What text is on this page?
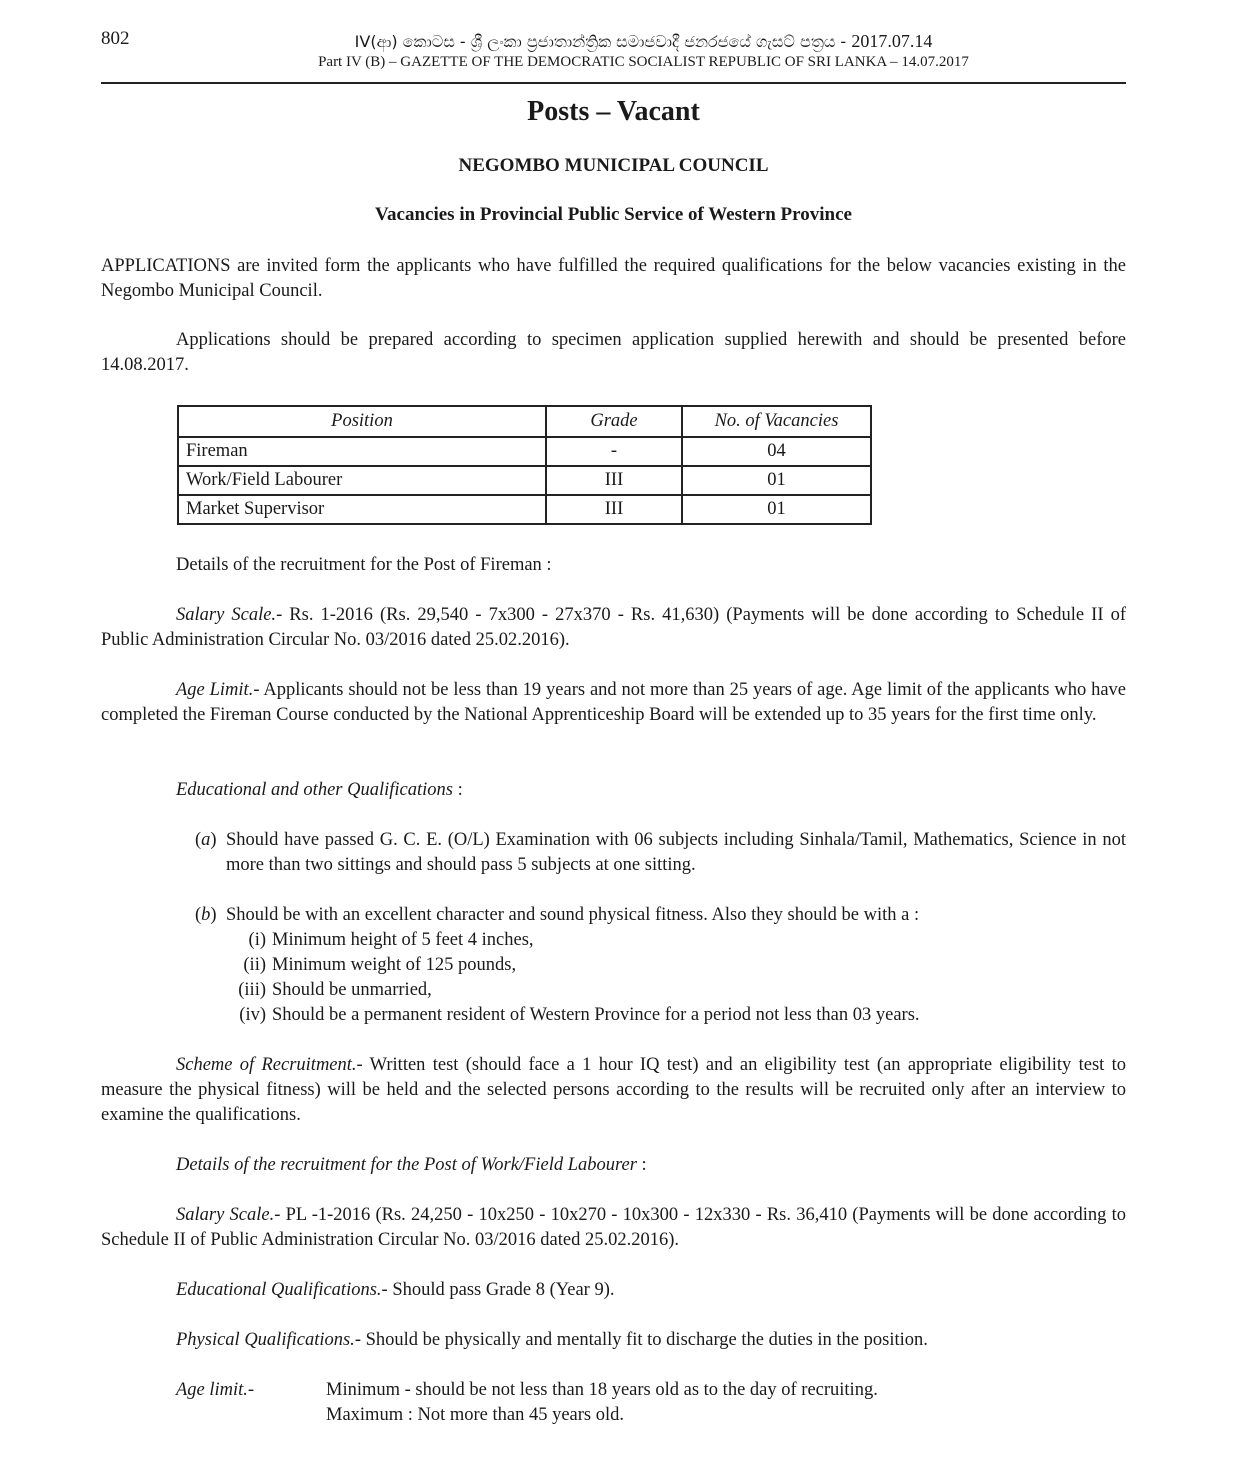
802	IV(ආ) කොටස - ශ්‍රී ලංකා ප්‍රජාතාන්ත්‍රික සමාජවාදී ජනරජයේ ගැසට් පත්‍රය - 2017.07.14
Part IV (B) – GAZETTE OF THE DEMOCRATIC SOCIALIST REPUBLIC OF SRI LANKA – 14.07.2017
Posts – Vacant
NEGOMBO MUNICIPAL COUNCIL
Vacancies in Provincial Public Service of Western Province
APPLICATIONS are invited form the applicants who have fulfilled the required qualifications for the below vacancies existing in the Negombo Municipal Council.
Applications should be prepared according to specimen application supplied herewith and should be presented before 14.08.2017.
Position	Grade	No. of Vacancies
Fireman	-	04
Work/Field Labourer	III	01
Market Supervisor	III	01
Details of the recruitment for the Post of Fireman :
Salary Scale.- Rs. 1-2016 (Rs. 29,540 - 7x300 - 27x370 - Rs. 41,630) (Payments will be done according to Schedule II of Public Administration Circular No. 03/2016 dated 25.02.2016).
Age Limit.- Applicants should not be less than 19 years and not more than 25 years of age. Age limit of the applicants who have completed the Fireman Course conducted by the National Apprenticeship Board will be extended up to 35 years for the first time only.
Educational and other Qualifications :
(a) Should have passed G. C. E. (O/L) Examination with 06 subjects including Sinhala/Tamil, Mathematics, Science in not more than two sittings and should pass 5 subjects at one sitting.
(b) Should be with an excellent character and sound physical fitness. Also they should be with a :
(i) Minimum height of 5 feet 4 inches,
(ii) Minimum weight of 125 pounds,
(iii) Should be unmarried,
(iv) Should be a permanent resident of Western Province for a period not less than 03 years.
Scheme of Recruitment.- Written test (should face a 1 hour IQ test) and an eligibility test (an appropriate eligibility test to measure the physical fitness) will be held and the selected persons according to the results will be recruited only after an interview to examine the qualifications.
Details of the recruitment for the Post of Work/Field Labourer :
Salary Scale.- PL -1-2016 (Rs. 24,250 - 10x250 - 10x270 - 10x300 - 12x330 - Rs. 36,410 (Payments will be done according to Schedule II of Public Administration Circular No. 03/2016 dated 25.02.2016).
Educational Qualifications.- Should pass Grade 8 (Year 9).
Physical Qualifications.- Should be physically and mentally fit to discharge the duties in the position.
Age limit.-	Minimum - should be not less than 18 years old as to the day of recruiting.
Maximum : Not more than 45 years old.
